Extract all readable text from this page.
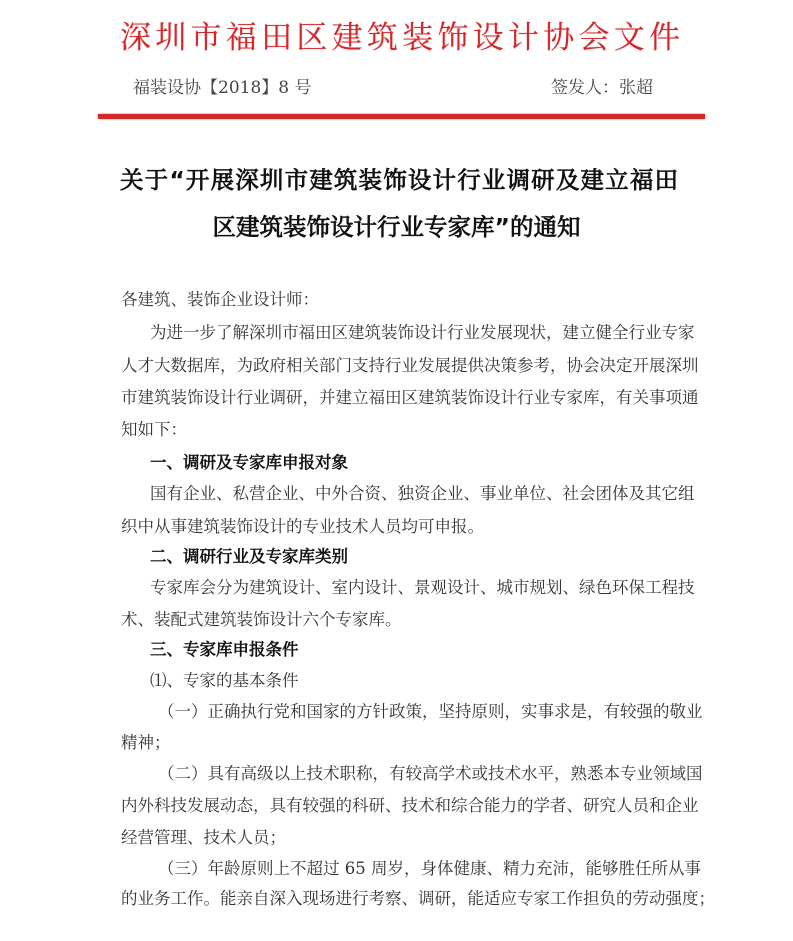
深圳市福田区建筑装饰设计协会文件
福装设协【2018】8 号	签发人：张超
关于“开展深圳市建筑装饰设计行业调研及建立福田
区建筑装饰设计行业专家库”的通知
各建筑、装饰企业设计师：
为进一步了解深圳市福田区建筑装饰设计行业发展现状，建立健全行业专家
人才大数据库，为政府相关部门支持行业发展提供决策参考，协会决定开展深圳
市建筑装饰设计行业调研，并建立福田区建筑装饰设计行业专家库，有关事项通
知如下：
一、调研及专家库申报对象
国有企业、私营企业、中外合资、独资企业、事业单位、社会团体及其它组
织中从事建筑装饰设计的专业技术人员均可申报。
二、调研行业及专家库类别
专家库会分为建筑设计、室内设计、景观设计、城市规划、绿色环保工程技
术、装配式建筑装饰设计六个专家库。
三、专家库申报条件
⑴、专家的基本条件
（一）正确执行党和国家的方针政策，坚持原则，实事求是，有较强的敬业
精神；
（二）具有高级以上技术职称，有较高学术或技术水平，熟悉本专业领域国
内外科技发展动态，具有较强的科研、技术和综合能力的学者、研究人员和企业
经营管理、技术人员；
（三）年龄原则上不超过 65 周岁，身体健康、精力充沛，能够胜任所从事
的业务工作。能亲自深入现场进行考察、调研，能适应专家工作担负的劳动强度；
